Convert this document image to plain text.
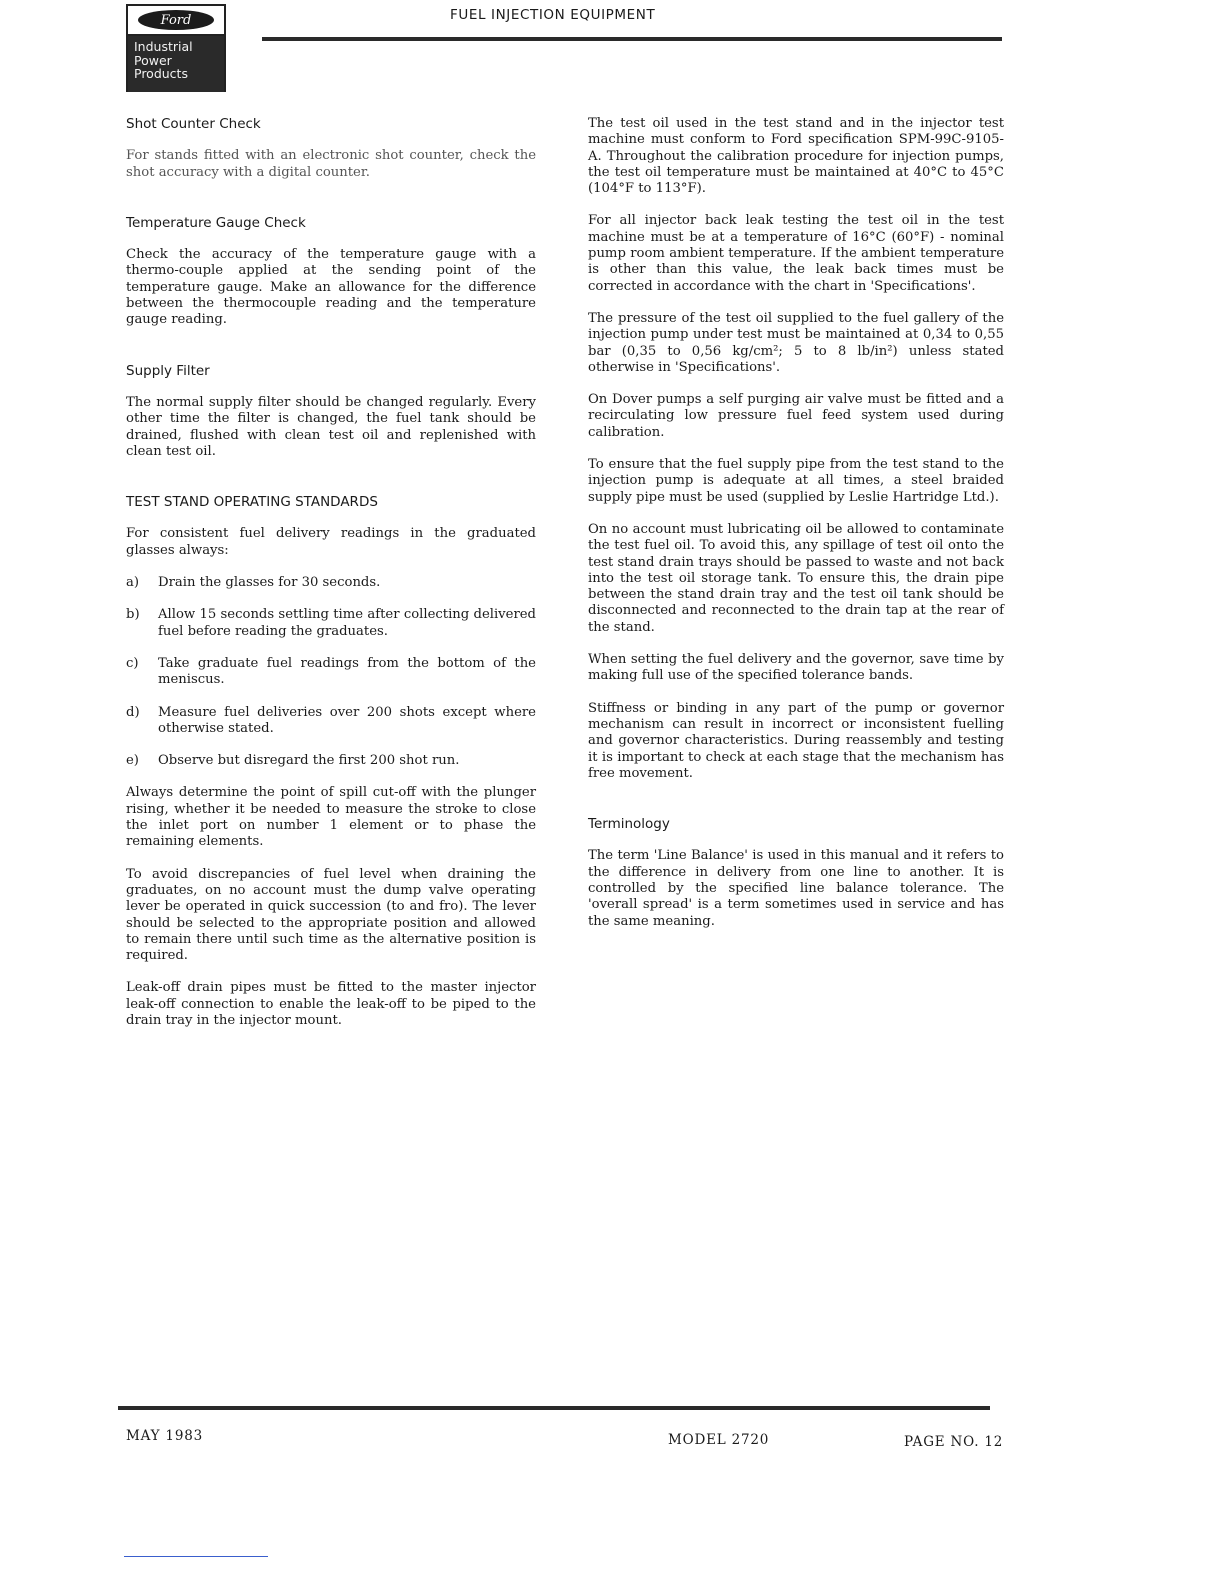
Ford
Industrial
Power
Products
FUEL INJECTION EQUIPMENT
Shot Counter Check

For stands fitted with an electronic shot counter, check the shot accuracy with a digital counter.

Temperature Gauge Check

Check the accuracy of the temperature gauge with a thermo-couple applied at the sending point of the temperature gauge. Make an allowance for the difference between the thermocouple reading and the temperature gauge reading.

Supply Filter

The normal supply filter should be changed regularly. Every other time the filter is changed, the fuel tank should be drained, flushed with clean test oil and replenished with clean test oil.

TEST STAND OPERATING STANDARDS

For consistent fuel delivery readings in the graduated glasses always:

a)	Drain the glasses for 30 seconds.
b)	Allow 15 seconds settling time after collecting delivered fuel before reading the graduates.
c)	Take graduate fuel readings from the bottom of the meniscus.
d)	Measure fuel deliveries over 200 shots except where otherwise stated.
e)	Observe but disregard the first 200 shot run.

Always determine the point of spill cut-off with the plunger rising, whether it be needed to measure the stroke to close the inlet port on number 1 element or to phase the remaining elements.

To avoid discrepancies of fuel level when draining the graduates, on no account must the dump valve operating lever be operated in quick succession (to and fro). The lever should be selected to the appropriate position and allowed to remain there until such time as the alternative position is required.

Leak-off drain pipes must be fitted to the master injector leak-off connection to enable the leak-off to be piped to the drain tray in the injector mount.

The test oil used in the test stand and in the injector test machine must conform to Ford specification SPM-99C-9105-A. Throughout the calibration procedure for injection pumps, the test oil temperature must be maintained at 40°C to 45°C (104°F to 113°F).

For all injector back leak testing the test oil in the test machine must be at a temperature of 16°C (60°F) - nominal pump room ambient temperature. If the ambient temperature is other than this value, the leak back times must be corrected in accordance with the chart in 'Specifications'.

The pressure of the test oil supplied to the fuel gallery of the injection pump under test must be maintained at 0,34 to 0,55 bar (0,35 to 0,56 kg/cm²; 5 to 8 lb/in²) unless stated otherwise in 'Specifications'.

On Dover pumps a self purging air valve must be fitted and a recirculating low pressure fuel feed system used during calibration.

To ensure that the fuel supply pipe from the test stand to the injection pump is adequate at all times, a steel braided supply pipe must be used (supplied by Leslie Hartridge Ltd.).

On no account must lubricating oil be allowed to contaminate the test fuel oil. To avoid this, any spillage of test oil onto the test stand drain trays should be passed to waste and not back into the test oil storage tank. To ensure this, the drain pipe between the stand drain tray and the test oil tank should be disconnected and reconnected to the drain tap at the rear of the stand.

When setting the fuel delivery and the governor, save time by making full use of the specified tolerance bands.

Stiffness or binding in any part of the pump or governor mechanism can result in incorrect or inconsistent fuelling and governor characteristics. During reassembly and testing it is important to check at each stage that the mechanism has free movement.

Terminology

The term 'Line Balance' is used in this manual and it refers to the difference in delivery from one line to another. It is controlled by the specified line balance tolerance. The 'overall spread' is a term sometimes used in service and has the same meaning.

MAY 1983	MODEL 2720	PAGE NO. 12
